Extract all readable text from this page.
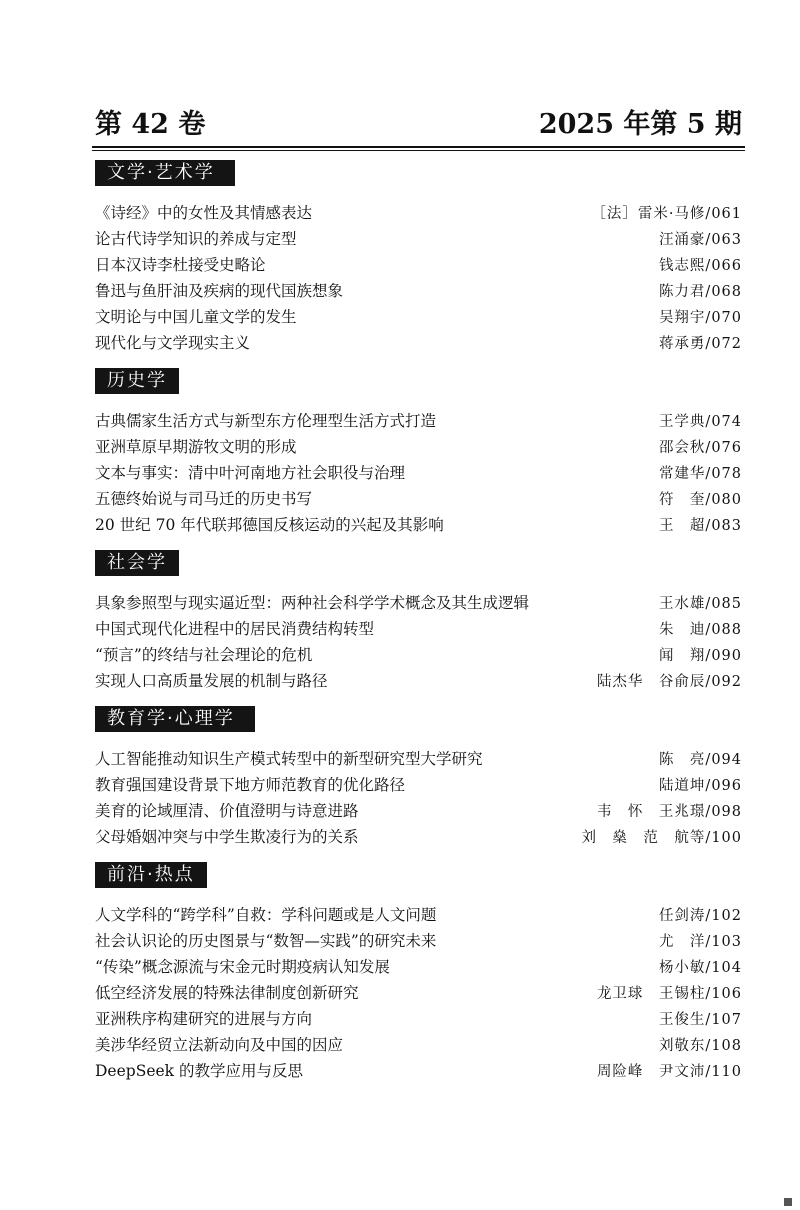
第 42 卷	2025 年第 5 期
文学·艺术学
《诗经》中的女性及其情感表达	［法］雷米·马修/061
论古代诗学知识的养成与定型	汪涌豪/063
日本汉诗李杜接受史略论	钱志熙/066
鲁迅与鱼肝油及疾病的现代国族想象	陈力君/068
文明论与中国儿童文学的发生	吴翔宇/070
现代化与文学现实主义	蒋承勇/072
历史学
古典儒家生活方式与新型东方伦理型生活方式打造	王学典/074
亚洲草原早期游牧文明的形成	邵会秋/076
文本与事实：清中叶河南地方社会职役与治理	常建华/078
五德终始说与司马迁的历史书写	符　奎/080
20 世纪 70 年代联邦德国反核运动的兴起及其影响	王　超/083
社会学
具象参照型与现实逼近型：两种社会科学学术概念及其生成逻辑	王水雄/085
中国式现代化进程中的居民消费结构转型	朱　迪/088
“预言”的终结与社会理论的危机	闻　翔/090
实现人口高质量发展的机制与路径	陆杰华　谷俞辰/092
教育学·心理学
人工智能推动知识生产模式转型中的新型研究型大学研究	陈　亮/094
教育强国建设背景下地方师范教育的优化路径	陆道坤/096
美育的论域厘清、价值澄明与诗意进路	韦　怀　王兆璟/098
父母婚姻冲突与中学生欺凌行为的关系	刘　燊　范　航等/100
前沿·热点
人文学科的“跨学科”自救：学科问题或是人文问题	任剑涛/102
社会认识论的历史图景与“数智—实践”的研究未来	尤　洋/103
“传染”概念源流与宋金元时期疫病认知发展	杨小敏/104
低空经济发展的特殊法律制度创新研究	龙卫球　王锡柱/106
亚洲秩序构建研究的进展与方向	王俊生/107
美涉华经贸立法新动向及中国的因应	刘敬东/108
DeepSeek 的教学应用与反思	周险峰　尹文沛/110
